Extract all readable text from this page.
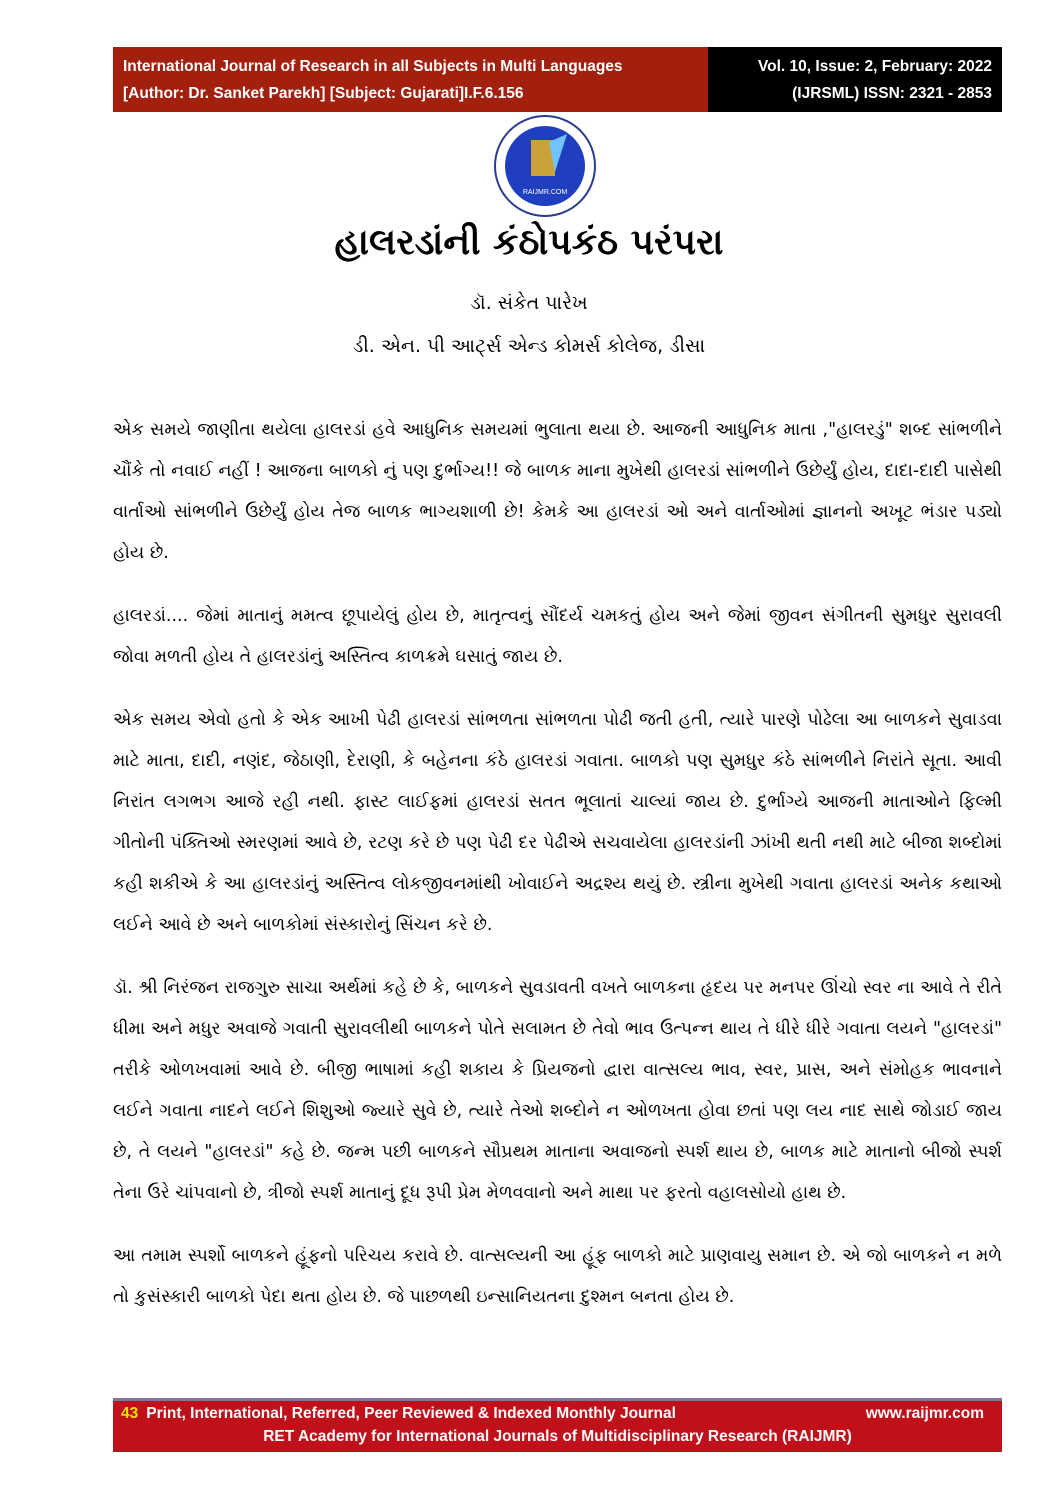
International Journal of Research in all Subjects in Multi Languages
[Author: Dr. Sanket Parekh] [Subject: Gujarati]I.F.6.156
Vol. 10, Issue: 2, February: 2022
(IJRSML) ISSN: 2321 - 2853
RAIJMR.COM
હાલરડાંની કંઠોપકંઠ પરંપરા
ડૉ. સંકેત પારેખ
ડી. એન. પી આર્ટ્સ એન્ડ કોમર્સ કોલેજ, ડીસા

એક સમયે જાણીતા થયેલા હાલરડાં હવે આધુનિક સમયમાં ભુલાતા થયા છે. આજની આધુનિક માતા ,"હાલરડું" શબ્દ સાંભળીને ચૌંકે તો નવાઈ નહીં ! આજના બાળકો નું પણ દુર્ભાગ્ય!! જે બાળક માના મુખેથી હાલરડાં સાંભળીને ઉછેર્યું હોય, દાદા-દાદી પાસેથી વાર્તાઓ સાંભળીને ઉછેર્યું હોય તેજ બાળક ભાગ્યશાળી છે! કેમકે આ હાલરડાં ઓ અને વાર્તાઓમાં જ્ઞાનનો અખૂટ ભંડાર પડ્યો હોય છે.

હાલરડાં.... જેમાં માતાનું મમત્વ છૂપાયેલું હોય છે, માતૃત્વનું સૌંદર્ય ચમકતું હોય અને જેમાં જીવન સંગીતની સુમધુર સુરાવલી જોવા મળતી હોય તે હાલરડાંનું અસ્તિત્વ કાળક્રમે ઘસાતું જાય છે.

એક સમય એવો હતો કે એક આખી પેઢી હાલરડાં સાંભળતા સાંભળતા પોઢી જતી હતી, ત્યારે પારણે પોઢેલા આ બાળકને સુવાડવા માટે માતા, દાદી, નણંદ, જેઠાણી, દેરાણી, કે બહેનના કંઠે હાલરડાં ગવાતા. બાળકો પણ સુમધુર કંઠે સાંભળીને નિરાંતે સૂતા. આવી નિરાંત લગભગ આજે રહી નથી. ફાસ્ટ લાઈફમાં હાલરડાં સતત ભૂલાતાં ચાલ્યાં જાય છે. દુર્ભાગ્યે આજની માતાઓને ફિલ્મી ગીતોની પંક્તિઓ સ્મરણમાં આવે છે, રટણ કરે છે પણ પેઢી દર પેઢીએ સચવાયેલા હાલરડાંની ઝાંખી થતી નથી માટે બીજા શબ્દોમાં કહી શકીએ કે આ હાલરડાંનું અસ્તિત્વ લોકજીવનમાંથી ખોવાઈને અદ્રશ્ય થયું છે. સ્ત્રીના મુખેથી ગવાતા હાલરડાં અનેક કથાઓ લઈને આવે છે અને બાળકોમાં સંસ્કારોનું સિંચન કરે છે.

ડૉ. શ્રી નિરંજન રાજગુરુ સાચા અર્થમાં કહે છે કે, બાળકને સુવડાવતી વખતે બાળકના હૃદય પર મનપર ઊંચો સ્વર ના આવે તે રીતે ધીમા અને મધુર અવાજે ગવાતી સુરાવલીથી બાળકને પોતે સલામત છે તેવો ભાવ ઉત્પન્ન થાય તે ધીરે ધીરે ગવાતા લયને "હાલરડાં" તરીકે ઓળખવામાં આવે છે. બીજી ભાષામાં કહી શકાય કે પ્રિયજનો દ્વારા વાત્સલ્ય ભાવ, સ્વર, પ્રાસ, અને સંમોહક ભાવનાને લઈને ગવાતા નાદને લઈને શિશુઓ જ્યારે સુવે છે, ત્યારે તેઓ શબ્દોને ન ઓળખતા હોવા છતાં પણ લય નાદ સાથે જોડાઈ જાય છે, તે લયને "હાલરડાં" કહે છે. જન્મ પછી બાળકને સૌપ્રથમ માતાના અવાજનો સ્પર્શ થાય છે, બાળક માટે માતાનો બીજો સ્પર્શ તેના ઉરે ચાંપવાનો છે, ત્રીજો સ્પર્શ માતાનું દૂધ રૂપી પ્રેમ મેળવવાનો અને માથા પર ફરતો વહાલસોયો હાથ છે.

આ તમામ સ્પર્શો બાળકને હૂંફનો પરિચય કરાવે છે. વાત્સલ્યની આ હૂંફ બાળકો માટે પ્રાણવાયુ સમાન છે. એ જો બાળકને ન મળે તો કુસંસ્કારી બાળકો પેદા થતા હોય છે. જે પાછળથી ઇન્સાનિયતના દુશ્મન બનતા હોય છે.

43 Print, International, Referred, Peer Reviewed & Indexed Monthly Journal	www.raijmr.com
RET Academy for International Journals of Multidisciplinary Research (RAIJMR)
